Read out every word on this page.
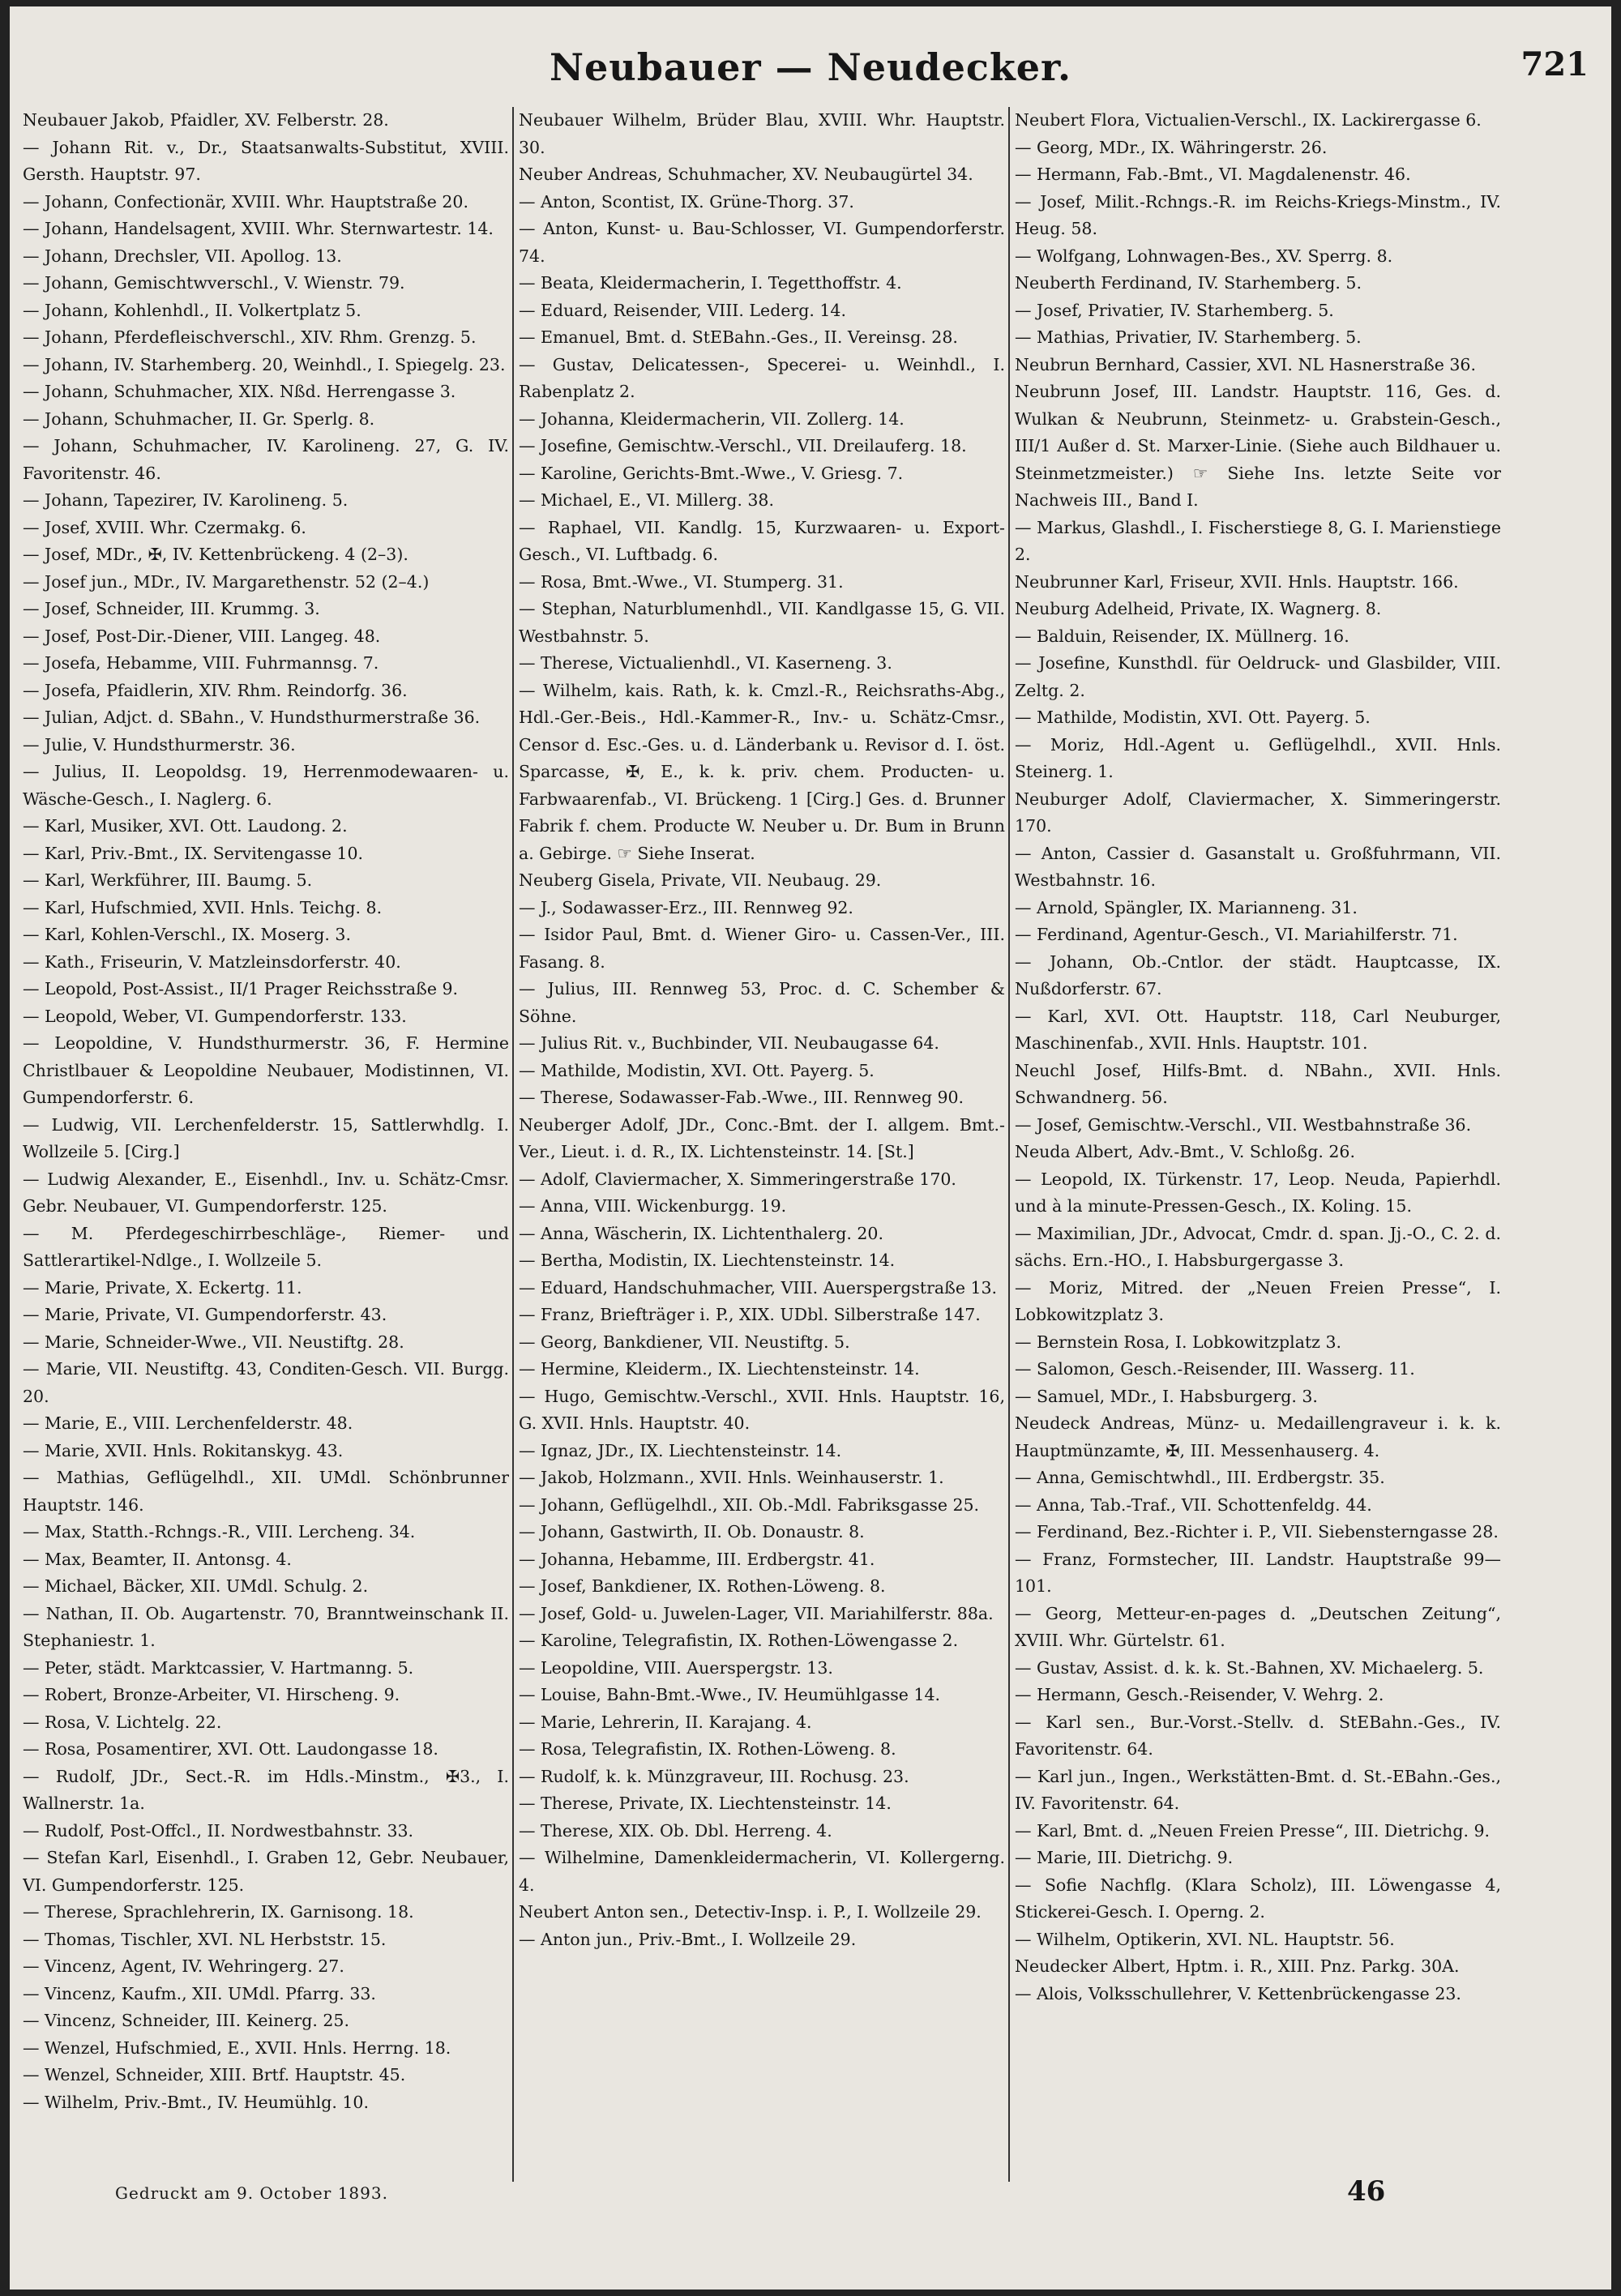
Neubauer — Neudecker.	721

Neubauer Jakob, Pfaidler, XV. Felberstr. 28.

— Johann Rit. v., Dr., Staatsanwalts-Substitut, XVIII. Gersth. Hauptstr. 97.

— Johann, Confectionär, XVIII. Whr. Hauptstraße 20.

— Johann, Handelsagent, XVIII. Whr. Sternwartestr. 14.

— Johann, Drechsler, VII. Apollog. 13.

— Johann, Gemischtwverschl., V. Wienstr. 79.

— Johann, Kohlenhdl., II. Volkertplatz 5.

— Johann, Pferdefleischverschl., XIV. Rhm. Grenzg. 5.

— Johann, IV. Starhemberg. 20, Weinhdl., I. Spiegelg. 23.

— Johann, Schuhmacher, XIX. Nßd. Herrengasse 3.

— Johann, Schuhmacher, II. Gr. Sperlg. 8.

— Johann, Schuhmacher, IV. Karolineng. 27, G. IV. Favoritenstr. 46.

— Johann, Tapezirer, IV. Karolineng. 5.

— Josef, XVIII. Whr. Czermakg. 6.

— Josef, MDr., ✠, IV. Kettenbrückeng. 4 (2–3).

— Josef jun., MDr., IV. Margarethenstr. 52 (2–4.)

— Josef, Schneider, III. Krummg. 3.

— Josef, Post-Dir.-Diener, VIII. Langeg. 48.

— Josefa, Hebamme, VIII. Fuhrmannsg. 7.

— Josefa, Pfaidlerin, XIV. Rhm. Reindorfg. 36.

— Julian, Adjct. d. SBahn., V. Hundsthurmerstraße 36.

— Julie, V. Hundsthurmerstr. 36.

— Julius, II. Leopoldsg. 19, Herrenmodewaaren- u. Wäsche-Gesch., I. Naglerg. 6.

— Karl, Musiker, XVI. Ott. Laudong. 2.

— Karl, Priv.-Bmt., IX. Servitengasse 10.

— Karl, Werkführer, III. Baumg. 5.

— Karl, Hufschmied, XVII. Hnls. Teichg. 8.

— Karl, Kohlen-Verschl., IX. Moserg. 3.

— Kath., Friseurin, V. Matzleinsdorferstr. 40.

— Leopold, Post-Assist., II/1 Prager Reichsstraße 9.

— Leopold, Weber, VI. Gumpendorferstr. 133.

— Leopoldine, V. Hundsthurmerstr. 36, F. Hermine Christlbauer & Leopoldine Neubauer, Modistinnen, VI. Gumpendorferstr. 6.

— Ludwig, VII. Lerchenfelderstr. 15, Sattlerwhdlg. I. Wollzeile 5. [Cirg.]

— Ludwig Alexander, E., Eisenhdl., Inv. u. Schätz-Cmsr. Gebr. Neubauer, VI. Gumpendorferstr. 125.

— M. Pferdegeschirrbeschläge-, Riemer- und Sattlerartikel-Ndlge., I. Wollzeile 5.

— Marie, Private, X. Eckertg. 11.

— Marie, Private, VI. Gumpendorferstr. 43.

— Marie, Schneider-Wwe., VII. Neustiftg. 28.

— Marie, VII. Neustiftg. 43, Conditen-Gesch. VII. Burgg. 20.

— Marie, E., VIII. Lerchenfelderstr. 48.

— Marie, XVII. Hnls. Rokitanskyg. 43.

— Mathias, Geflügelhdl., XII. UMdl. Schönbrunner Hauptstr. 146.

— Max, Statth.-Rchngs.-R., VIII. Lercheng. 34.

— Max, Beamter, II. Antonsg. 4.

— Michael, Bäcker, XII. UMdl. Schulg. 2.

— Nathan, II. Ob. Augartenstr. 70, Branntweinschank II. Stephaniestr. 1.

— Peter, städt. Marktcassier, V. Hartmanng. 5.

— Robert, Bronze-Arbeiter, VI. Hirscheng. 9.

— Rosa, V. Lichtelg. 22.

— Rosa, Posamentirer, XVI. Ott. Laudongasse 18.

— Rudolf, JDr., Sect.-R. im Hdls.-Minstm., ✠3., I. Wallnerstr. 1a.

— Rudolf, Post-Offcl., II. Nordwestbahnstr. 33.

— Stefan Karl, Eisenhdl., I. Graben 12, Gebr. Neubauer, VI. Gumpendorferstr. 125.

— Therese, Sprachlehrerin, IX. Garnisong. 18.

— Thomas, Tischler, XVI. NL Herbststr. 15.

— Vincenz, Agent, IV. Wehringerg. 27.

— Vincenz, Kaufm., XII. UMdl. Pfarrg. 33.

— Vincenz, Schneider, III. Keinerg. 25.

— Wenzel, Hufschmied, E., XVII. Hnls. Herrng. 18.

— Wenzel, Schneider, XIII. Brtf. Hauptstr. 45.

— Wilhelm, Priv.-Bmt., IV. Heumühlg. 10.

Neubauer Wilhelm, Brüder Blau, XVIII. Whr. Hauptstr. 30.

Neuber Andreas, Schuhmacher, XV. Neubaugürtel 34.

— Anton, Scontist, IX. Grüne-Thorg. 37.

— Anton, Kunst- u. Bau-Schlosser, VI. Gumpendorferstr. 74.

— Beata, Kleidermacherin, I. Tegetthoffstr. 4.

— Eduard, Reisender, VIII. Lederg. 14.

— Emanuel, Bmt. d. StEBahn.-Ges., II. Vereinsg. 28.

— Gustav, Delicatessen-, Specerei- u. Weinhdl., I. Rabenplatz 2.

— Johanna, Kleidermacherin, VII. Zollerg. 14.

— Josefine, Gemischtw.-Verschl., VII. Dreilauferg. 18.

— Karoline, Gerichts-Bmt.-Wwe., V. Griesg. 7.

— Michael, E., VI. Millerg. 38.

— Raphael, VII. Kandlg. 15, Kurzwaaren- u. Export-Gesch., VI. Luftbadg. 6.

— Rosa, Bmt.-Wwe., VI. Stumperg. 31.

— Stephan, Naturblumenhdl., VII. Kandlgasse 15, G. VII. Westbahnstr. 5.

— Therese, Victualienhdl., VI. Kaserneng. 3.

— Wilhelm, kais. Rath, k. k. Cmzl.-R., Reichsraths-Abg., Hdl.-Ger.-Beis., Hdl.-Kammer-R., Inv.- u. Schätz-Cmsr., Censor d. Esc.-Ges. u. d. Länderbank u. Revisor d. I. öst. Sparcasse, ✠, E., k. k. priv. chem. Producten- u. Farbwaarenfab., VI. Brückeng. 1 [Cirg.] Ges. d. Brunner Fabrik f. chem. Producte W. Neuber u. Dr. Bum in Brunn a. Gebirge. ☞ Siehe Inserat.

Neuberg Gisela, Private, VII. Neubaug. 29.

— J., Sodawasser-Erz., III. Rennweg 92.

— Isidor Paul, Bmt. d. Wiener Giro- u. Cassen-Ver., III. Fasang. 8.

— Julius, III. Rennweg 53, Proc. d. C. Schember & Söhne.

— Julius Rit. v., Buchbinder, VII. Neubaugasse 64.

— Mathilde, Modistin, XVI. Ott. Payerg. 5.

— Therese, Sodawasser-Fab.-Wwe., III. Rennweg 90.

Neuberger Adolf, JDr., Conc.-Bmt. der I. allgem. Bmt.-Ver., Lieut. i. d. R., IX. Lichtensteinstr. 14. [St.]

— Adolf, Claviermacher, X. Simmeringerstraße 170.

— Anna, VIII. Wickenburgg. 19.

— Anna, Wäscherin, IX. Lichtenthalerg. 20.

— Bertha, Modistin, IX. Liechtensteinstr. 14.

— Eduard, Handschuhmacher, VIII. Auerspergstraße 13.

— Franz, Briefträger i. P., XIX. UDbl. Silberstraße 147.

— Georg, Bankdiener, VII. Neustiftg. 5.

— Hermine, Kleiderm., IX. Liechtensteinstr. 14.

— Hugo, Gemischtw.-Verschl., XVII. Hnls. Hauptstr. 16, G. XVII. Hnls. Hauptstr. 40.

— Ignaz, JDr., IX. Liechtensteinstr. 14.

— Jakob, Holzmann., XVII. Hnls. Weinhauserstr. 1.

— Johann, Geflügelhdl., XII. Ob.-Mdl. Fabriksgasse 25.

— Johann, Gastwirth, II. Ob. Donaustr. 8.

— Johanna, Hebamme, III. Erdbergstr. 41.

— Josef, Bankdiener, IX. Rothen-Löweng. 8.

— Josef, Gold- u. Juwelen-Lager, VII. Mariahilferstr. 88a.

— Karoline, Telegrafistin, IX. Rothen-Löwengasse 2.

— Leopoldine, VIII. Auerspergstr. 13.

— Louise, Bahn-Bmt.-Wwe., IV. Heumühlgasse 14.

— Marie, Lehrerin, II. Karajang. 4.

— Rosa, Telegrafistin, IX. Rothen-Löweng. 8.

— Rudolf, k. k. Münzgraveur, III. Rochusg. 23.

— Therese, Private, IX. Liechtensteinstr. 14.

— Therese, XIX. Ob. Dbl. Herreng. 4.

— Wilhelmine, Damenkleidermacherin, VI. Kollergerng. 4.

Neubert Anton sen., Detectiv-Insp. i. P., I. Wollzeile 29.

— Anton jun., Priv.-Bmt., I. Wollzeile 29.

Neubert Flora, Victualien-Verschl., IX. Lackirergasse 6.

— Georg, MDr., IX. Währingerstr. 26.

— Hermann, Fab.-Bmt., VI. Magdalenenstr. 46.

— Josef, Milit.-Rchngs.-R. im Reichs-Kriegs-Minstm., IV. Heug. 58.

— Wolfgang, Lohnwagen-Bes., XV. Sperrg. 8.

Neuberth Ferdinand, IV. Starhemberg. 5.

— Josef, Privatier, IV. Starhemberg. 5.

— Mathias, Privatier, IV. Starhemberg. 5.

Neubrun Bernhard, Cassier, XVI. NL Hasnerstraße 36.

Neubrunn Josef, III. Landstr. Hauptstr. 116, Ges. d. Wulkan & Neubrunn, Steinmetz- u. Grabstein-Gesch., III/1 Außer d. St. Marxer-Linie. (Siehe auch Bildhauer u. Steinmetzmeister.) ☞ Siehe Ins. letzte Seite vor Nachweis III., Band I.

— Markus, Glashdl., I. Fischerstiege 8, G. I. Marienstiege 2.

Neubrunner Karl, Friseur, XVII. Hnls. Hauptstr. 166.

Neuburg Adelheid, Private, IX. Wagnerg. 8.

— Balduin, Reisender, IX. Müllnerg. 16.

— Josefine, Kunsthdl. für Oeldruck- und Glasbilder, VIII. Zeltg. 2.

— Mathilde, Modistin, XVI. Ott. Payerg. 5.

— Moriz, Hdl.-Agent u. Geflügelhdl., XVII. Hnls. Steinerg. 1.

Neuburger Adolf, Claviermacher, X. Simmeringerstr. 170.

— Anton, Cassier d. Gasanstalt u. Großfuhrmann, VII. Westbahnstr. 16.

— Arnold, Spängler, IX. Marianneng. 31.

— Ferdinand, Agentur-Gesch., VI. Mariahilferstr. 71.

— Johann, Ob.-Cntlor. der städt. Hauptcasse, IX. Nußdorferstr. 67.

— Karl, XVI. Ott. Hauptstr. 118, Carl Neuburger, Maschinenfab., XVII. Hnls. Hauptstr. 101.

Neuchl Josef, Hilfs-Bmt. d. NBahn., XVII. Hnls. Schwandnerg. 56.

— Josef, Gemischtw.-Verschl., VII. Westbahnstraße 36.

Neuda Albert, Adv.-Bmt., V. Schloßg. 26.

— Leopold, IX. Türkenstr. 17, Leop. Neuda, Papierhdl. und à la minute-Pressen-Gesch., IX. Koling. 15.

— Maximilian, JDr., Advocat, Cmdr. d. span. Jj.-O., C. 2. d. sächs. Ern.-HO., I. Habsburgergasse 3.

— Moriz, Mitred. der „Neuen Freien Presse“, I. Lobkowitzplatz 3.

— Bernstein Rosa, I. Lobkowitzplatz 3.

— Salomon, Gesch.-Reisender, III. Wasserg. 11.

— Samuel, MDr., I. Habsburgerg. 3.

Neudeck Andreas, Münz- u. Medaillengraveur i. k. k. Hauptmünzamte, ✠, III. Messenhauserg. 4.

— Anna, Gemischtwhdl., III. Erdbergstr. 35.

— Anna, Tab.-Traf., VII. Schottenfeldg. 44.

— Ferdinand, Bez.-Richter i. P., VII. Siebensterngasse 28.

— Franz, Formstecher, III. Landstr. Hauptstraße 99—101.

— Georg, Metteur-en-pages d. „Deutschen Zeitung“, XVIII. Whr. Gürtelstr. 61.

— Gustav, Assist. d. k. k. St.-Bahnen, XV. Michaelerg. 5.

— Hermann, Gesch.-Reisender, V. Wehrg. 2.

— Karl sen., Bur.-Vorst.-Stellv. d. StEBahn.-Ges., IV. Favoritenstr. 64.

— Karl jun., Ingen., Werkstätten-Bmt. d. St.-EBahn.-Ges., IV. Favoritenstr. 64.

— Karl, Bmt. d. „Neuen Freien Presse“, III. Dietrichg. 9.

— Marie, III. Dietrichg. 9.

— Sofie Nachflg. (Klara Scholz), III. Löwengasse 4, Stickerei-Gesch. I. Operng. 2.

— Wilhelm, Optikerin, XVI. NL. Hauptstr. 56.

Neudecker Albert, Hptm. i. R., XIII. Pnz. Parkg. 30A.

— Alois, Volksschullehrer, V. Kettenbrückengasse 23.

Gedruckt am 9. October 1893.	46
